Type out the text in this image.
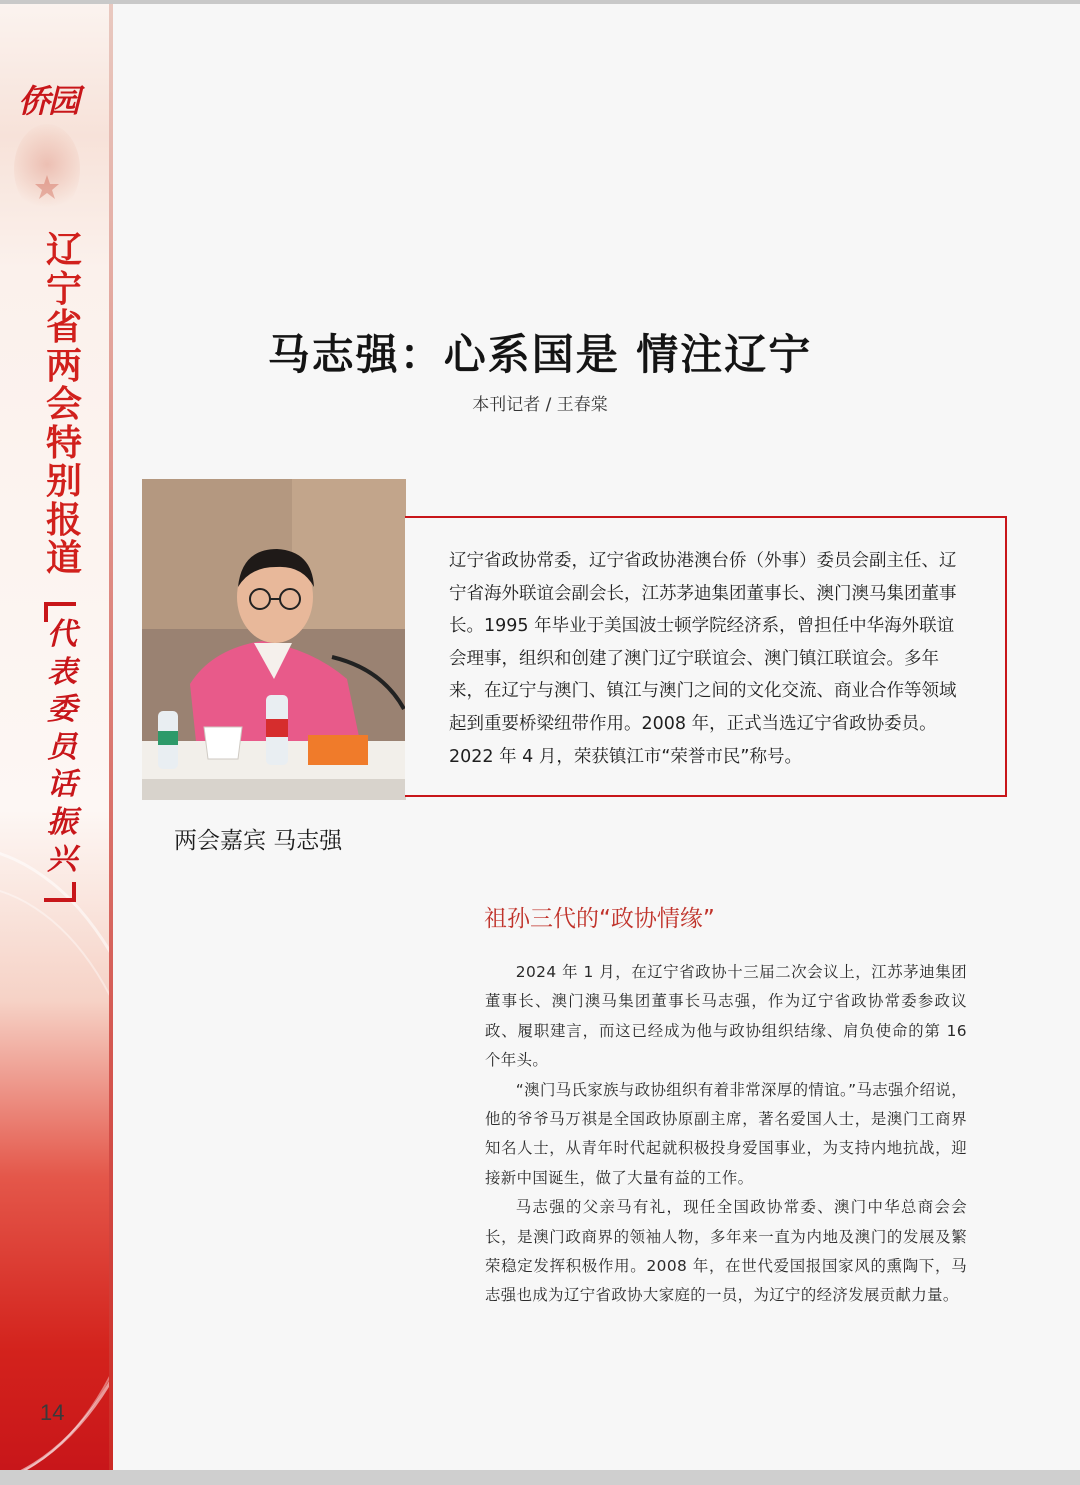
侨园
辽
宁
省
两
会
特
别
报
道
代
表
委
员
话
振
兴
14
马志强：心系国是 情注辽宁
本刊记者 / 王春棠
两会嘉宾 马志强
辽宁省政协常委，辽宁省政协港澳台侨（外事）委员会副主任、辽宁省海外联谊会副会长，江苏茅迪集团董事长、澳门澳马集团董事长。1995 年毕业于美国波士顿学院经济系，曾担任中华海外联谊会理事，组织和创建了澳门辽宁联谊会、澳门镇江联谊会。多年来，在辽宁与澳门、镇江与澳门之间的文化交流、商业合作等领域起到重要桥梁纽带作用。2008 年，正式当选辽宁省政协委员。2022 年 4 月，荣获镇江市“荣誉市民”称号。
祖孙三代的“政协情缘”

2024 年 1 月，在辽宁省政协十三届二次会议上，江苏茅迪集团董事长、澳门澳马集团董事长马志强，作为辽宁省政协常委参政议政、履职建言，而这已经成为他与政协组织结缘、肩负使命的第 16 个年头。

“澳门马氏家族与政协组织有着非常深厚的情谊。”马志强介绍说，他的爷爷马万祺是全国政协原副主席，著名爱国人士，是澳门工商界知名人士，从青年时代起就积极投身爱国事业，为支持内地抗战，迎接新中国诞生，做了大量有益的工作。

马志强的父亲马有礼，现任全国政协常委、澳门中华总商会会长，是澳门政商界的领袖人物，多年来一直为内地及澳门的发展及繁荣稳定发挥积极作用。2008 年，在世代爱国报国家风的熏陶下，马志强也成为辽宁省政协大家庭的一员，为辽宁的经济发展贡献力量。
